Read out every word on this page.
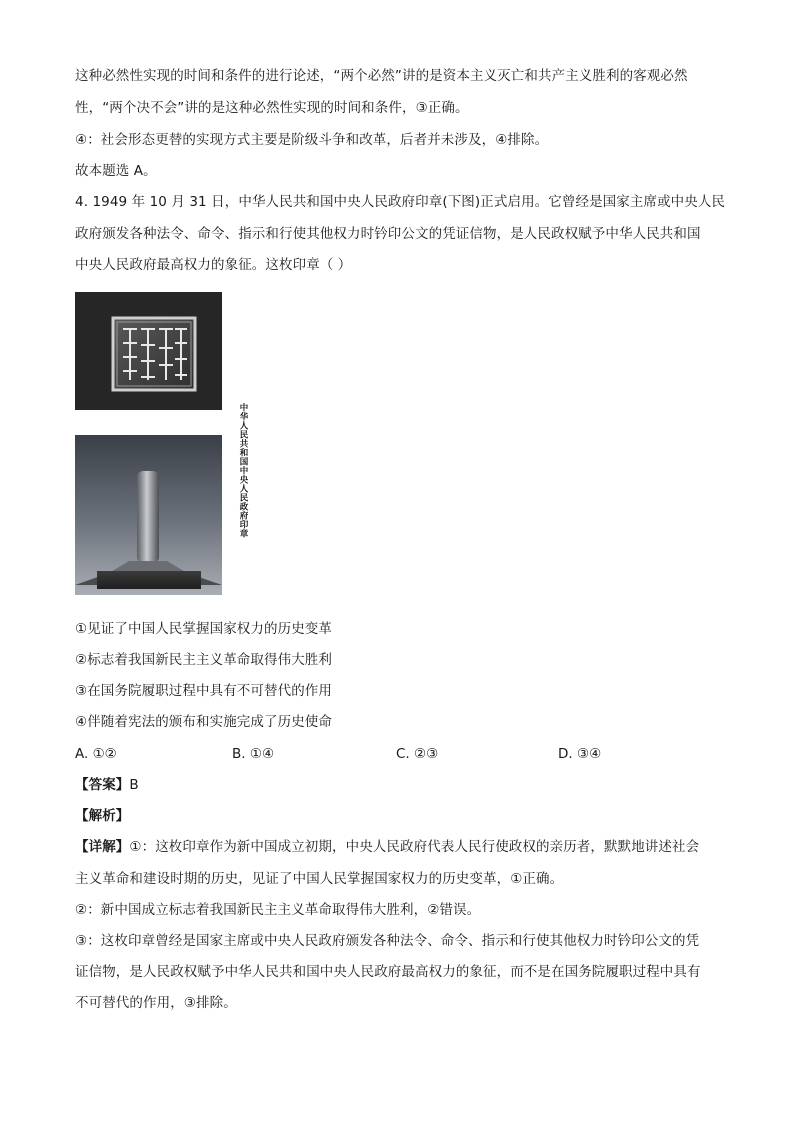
这种必然性实现的时间和条件的进行论述，“两个必然”讲的是资本主义灭亡和共产主义胜利的客观必然
性，“两个决不会”讲的是这种必然性实现的时间和条件，③正确。
④：社会形态更替的实现方式主要是阶级斗争和改革，后者并未涉及，④排除。
故本题选 A。
4. 1949 年 10 月 31 日，中华人民共和国中央人民政府印章(下图)正式启用。它曾经是国家主席或中央人民
政府颁发各种法令、命令、指示和行使其他权力时钤印公文的凭证信物，是人民政权赋予中华人民共和国
中央人民政府最高权力的象征。这枚印章（ ）
中华人民共和国中央人民政府印章
①见证了中国人民掌握国家权力的历史变革
②标志着我国新民主主义革命取得伟大胜利
③在国务院履职过程中具有不可替代的作用
④伴随着宪法的颁布和实施完成了历史使命
A. ①②	B. ①④	C. ②③	D. ③④
【答案】B
【解析】
【详解】①：这枚印章作为新中国成立初期，中央人民政府代表人民行使政权的亲历者，默默地讲述社会
主义革命和建设时期的历史，见证了中国人民掌握国家权力的历史变革，①正确。
②：新中国成立标志着我国新民主主义革命取得伟大胜利，②错误。
③：这枚印章曾经是国家主席或中央人民政府颁发各种法令、命令、指示和行使其他权力时钤印公文的凭
证信物，是人民政权赋予中华人民共和国中央人民政府最高权力的象征，而不是在国务院履职过程中具有
不可替代的作用，③排除。
